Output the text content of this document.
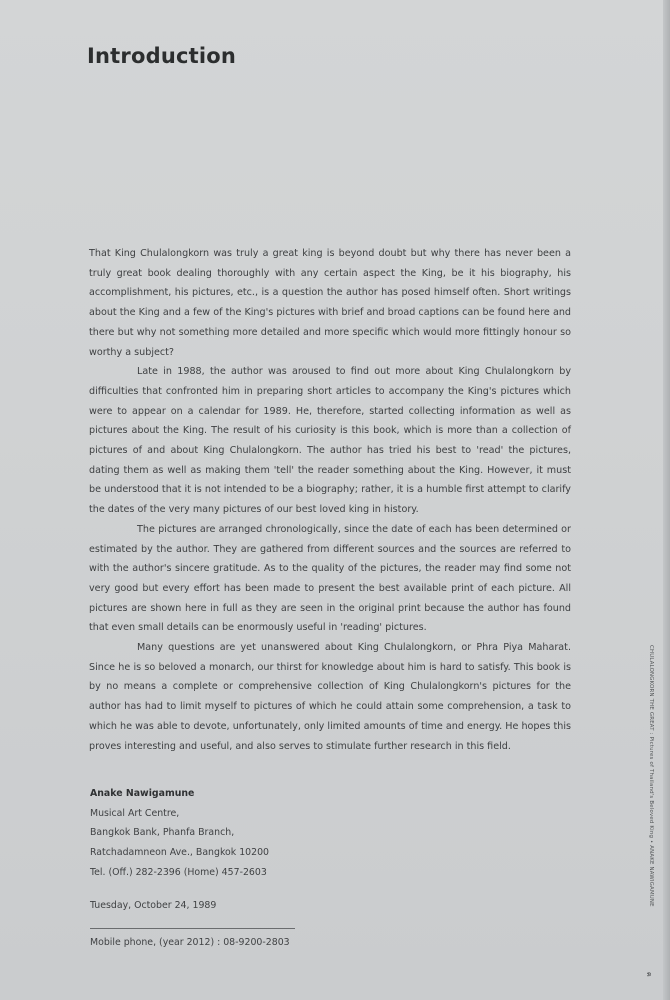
Introduction

That King Chulalongkorn was truly a great king is beyond doubt but why there has never been a truly great book dealing thoroughly with any certain aspect the King, be it his biography, his accomplishment, his pictures, etc., is a question the author has posed himself often. Short writings about the King and a few of the King's pictures with brief and broad captions can be found here and there but why not something more detailed and more specific which would more fittingly honour so worthy a subject?

Late in 1988, the author was aroused to find out more about King Chulalongkorn by difficulties that confronted him in preparing short articles to accompany the King's pictures which were to appear on a calendar for 1989. He, therefore, started collecting information as well as pictures about the King. The result of his curiosity is this book, which is more than a collection of pictures of and about King Chulalongkorn. The author has tried his best to 'read' the pictures, dating them as well as making them 'tell' the reader something about the King. However, it must be understood that it is not intended to be a biography; rather, it is a humble first attempt to clarify the dates of the very many pictures of our best loved king in history.

The pictures are arranged chronologically, since the date of each has been determined or estimated by the author. They are gathered from different sources and the sources are referred to with the author's sincere gratitude. As to the quality of the pictures, the reader may find some not very good but every effort has been made to present the best available print of each picture. All pictures are shown here in full as they are seen in the original print because the author has found that even small details can be enormously useful in 'reading' pictures.

Many questions are yet unanswered about King Chulalongkorn, or Phra Piya Maharat. Since he is so beloved a monarch, our thirst for knowledge about him is hard to satisfy. This book is by no means a complete or comprehensive collection of King Chulalongkorn's pictures for the author has had to limit myself to pictures of which he could attain some comprehension, a task to which he was able to devote, unfortunately, only limited amounts of time and energy. He hopes this proves interesting and useful, and also serves to stimulate further research in this field.

Anake Nawigamune
Musical Art Centre,
Bangkok Bank, Phanfa Branch,
Ratchadamneon Ave., Bangkok 10200
Tel. (Off.) 282-2396 (Home) 457-2603
Tuesday, October 24, 1989
Mobile phone, (year 2012) : 08-9200-2803
CHULALONGKORN THE GREAT : Pictures of Thailand's Beloved King • ANAKE NAWIGAMUNE
ค
